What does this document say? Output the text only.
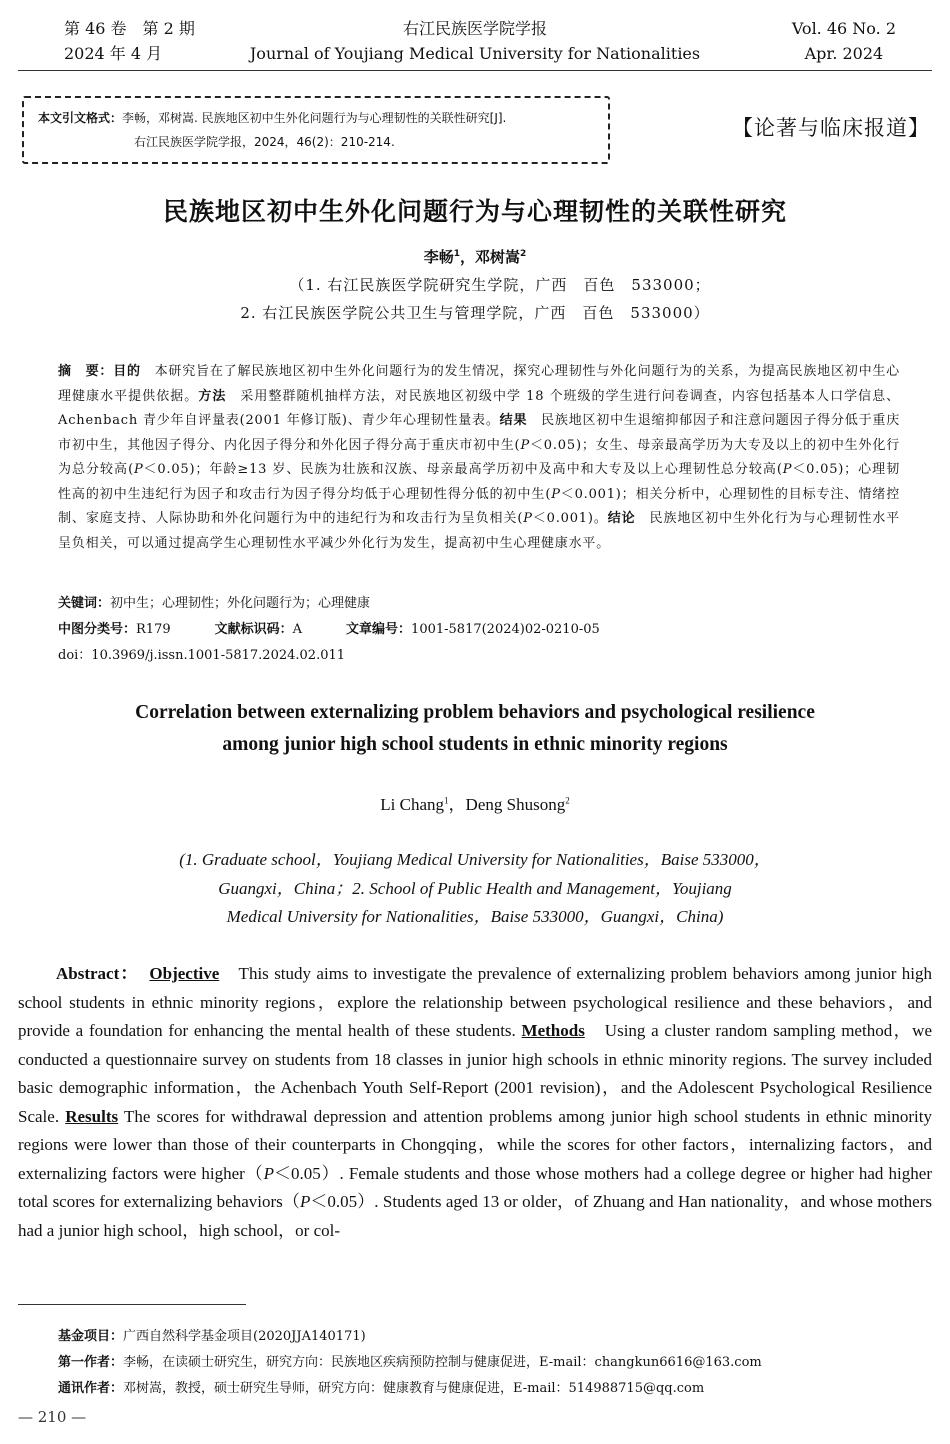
第 46 卷　第 2 期
2024 年 4 月
右江民族医学院学报
Journal of Youjiang Medical University for Nationalities
Vol. 46 No. 2
Apr. 2024
本文引文格式：李畅，邓树嵩. 民族地区初中生外化问题行为与心理韧性的关联性研究[J].
右江民族医学院学报，2024，46(2)：210-214.
【论著与临床报道】
民族地区初中生外化问题行为与心理韧性的关联性研究
李畅$^1$，邓树嵩$^2$
（1. 右江民族医学院研究生学院，广西　百色　533000；
2. 右江民族医学院公共卫生与管理学院，广西　百色　533000）
摘　要：目的　本研究旨在了解民族地区初中生外化问题行为的发生情况，探究心理韧性与外化问题行为的关系，为提高民族地区初中生心理健康水平提供依据。方法　采用整群随机抽样方法，对民族地区初级中学 18 个班级的学生进行问卷调查，内容包括基本人口学信息、Achenbach 青少年自评量表(2001 年修订版)、青少年心理韧性量表。结果　民族地区初中生退缩抑郁因子和注意问题因子得分低于重庆市初中生，其他因子得分、内化因子得分和外化因子得分高于重庆市初中生(P＜0.05)；女生、母亲最高学历为大专及以上的初中生外化行为总分较高(P＜0.05)；年龄≥13 岁、民族为壮族和汉族、母亲最高学历初中及高中和大专及以上心理韧性总分较高(P＜0.05)；心理韧性高的初中生违纪行为因子和攻击行为因子得分均低于心理韧性得分低的初中生(P＜0.001)；相关分析中，心理韧性的目标专注、情绪控制、家庭支持、人际协助和外化问题行为中的违纪行为和攻击行为呈负相关(P＜0.001)。结论　民族地区初中生外化行为与心理韧性水平呈负相关，可以通过提高学生心理韧性水平减少外化行为发生，提高初中生心理健康水平。
关键词：初中生；心理韧性；外化问题行为；心理健康
中图分类号：R179	文献标识码：A	文章编号：1001-5817(2024)02-0210-05
doi：10.3969/j.issn.1001-5817.2024.02.011
Correlation between externalizing problem behaviors and psychological resilience
among junior high school students in ethnic minority regions
Li Chang$^1$，Deng Shusong$^2$
(1. Graduate school，Youjiang Medical University for Nationalities，Baise 533000，
Guangxi，China；2. School of Public Health and Management，Youjiang
Medical University for Nationalities，Baise 533000，Guangxi，China)
Abstract： Objective　This study aims to investigate the prevalence of externalizing problem behaviors among junior high school students in ethnic minority regions，explore the relationship between psychological resilience and these behaviors，and provide a foundation for enhancing the mental health of these students. Methods　Using a cluster random sampling method，we conducted a questionnaire survey on students from 18 classes in junior high schools in ethnic minority regions. The survey included basic demographic information，the Achenbach Youth Self-Report (2001 revision)，and the Adolescent Psychological Resilience Scale. Results The scores for withdrawal depression and attention problems among junior high school students in ethnic minority regions were lower than those of their counterparts in Chongqing，while the scores for other factors，internalizing factors，and externalizing factors were higher（P＜0.05）. Female students and those whose mothers had a college degree or higher had higher total scores for externalizing behaviors（P＜0.05）. Students aged 13 or older，of Zhuang and Han nationality，and whose mothers had a junior high school，high school，or col-
基金项目：广西自然科学基金项目(2020JJA140171)
第一作者：李畅，在读硕士研究生，研究方向：民族地区疾病预防控制与健康促进，E-mail：changkun6616@163.com
通讯作者：邓树嵩，教授，硕士研究生导师，研究方向：健康教育与健康促进，E-mail：514988715@qq.com
— 210 —
